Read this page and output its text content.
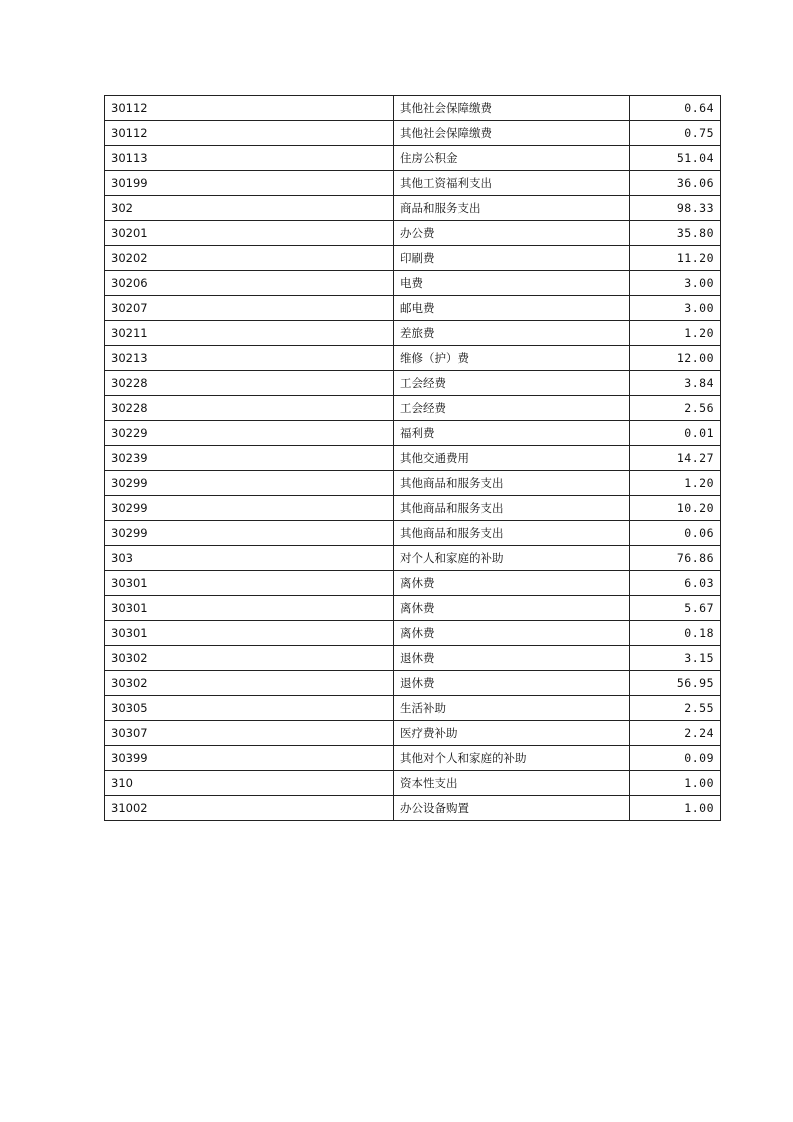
30112	其他社会保障缴费	0.64
30112	其他社会保障缴费	0.75
30113	住房公积金	51.04
30199	其他工资福利支出	36.06
302	商品和服务支出	98.33
30201	办公费	35.80
30202	印刷费	11.20
30206	电费	3.00
30207	邮电费	3.00
30211	差旅费	1.20
30213	维修（护）费	12.00
30228	工会经费	3.84
30228	工会经费	2.56
30229	福利费	0.01
30239	其他交通费用	14.27
30299	其他商品和服务支出	1.20
30299	其他商品和服务支出	10.20
30299	其他商品和服务支出	0.06
303	对个人和家庭的补助	76.86
30301	离休费	6.03
30301	离休费	5.67
30301	离休费	0.18
30302	退休费	3.15
30302	退休费	56.95
30305	生活补助	2.55
30307	医疗费补助	2.24
30399	其他对个人和家庭的补助	0.09
310	资本性支出	1.00
31002	办公设备购置	1.00
